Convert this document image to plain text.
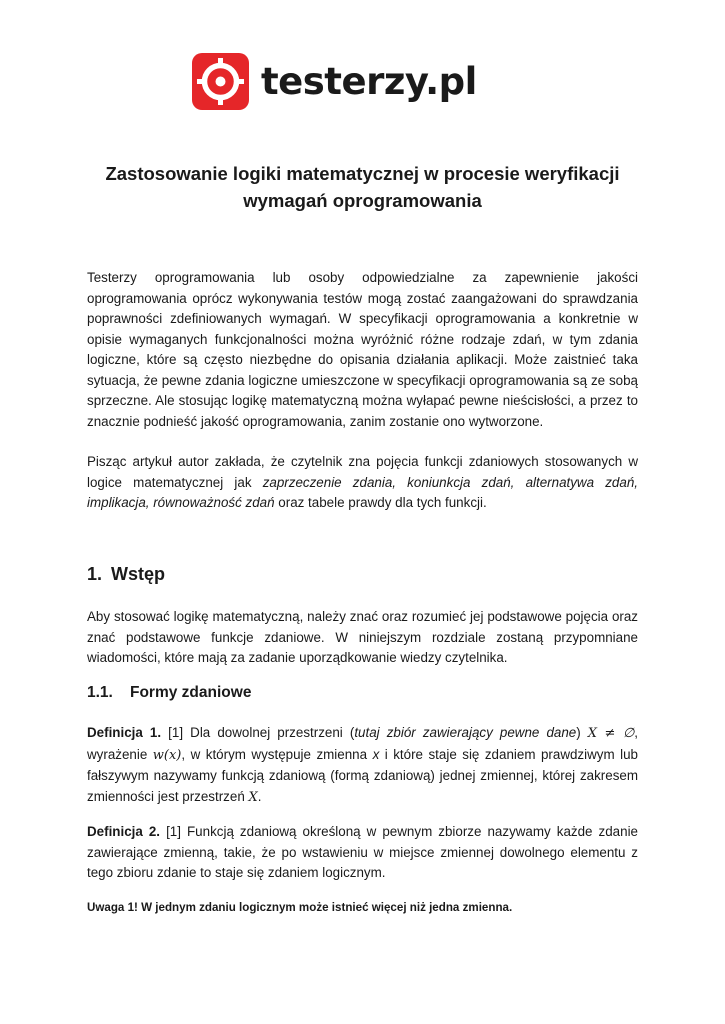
testerzy.pl
Zastosowanie logiki matematycznej w procesie weryfikacji wymagań oprogramowania

Testerzy oprogramowania lub osoby odpowiedzialne za zapewnienie jakości oprogramowania oprócz wykonywania testów mogą zostać zaangażowani do sprawdzania poprawności zdefiniowanych wymagań. W specyfikacji oprogramowania a konkretnie w opisie wymaganych funkcjonalności można wyróżnić różne rodzaje zdań, w tym zdania logiczne, które są często niezbędne do opisania działania aplikacji. Może zaistnieć taka sytuacja, że pewne zdania logiczne umieszczone w specyfikacji oprogramowania są ze sobą sprzeczne. Ale stosując logikę matematyczną można wyłapać pewne nieścisłości, a przez to znacznie podnieść jakość oprogramowania, zanim zostanie ono wytworzone.

Pisząc artykuł autor zakłada, że czytelnik zna pojęcia funkcji zdaniowych stosowanych w logice matematycznej jak zaprzeczenie zdania, koniunkcja zdań, alternatywa zdań, implikacja, równoważność zdań oraz tabele prawdy dla tych funkcji.

1. Wstęp

Aby stosować logikę matematyczną, należy znać oraz rozumieć jej podstawowe pojęcia oraz znać podstawowe funkcje zdaniowe. W niniejszym rozdziale zostaną przypomniane wiadomości, które mają za zadanie uporządkowanie wiedzy czytelnika.

1.1. Formy zdaniowe

Definicja 1. [1] Dla dowolnej przestrzeni (tutaj zbiór zawierający pewne dane) X ≠ ∅, wyrażenie w(x), w którym występuje zmienna x i które staje się zdaniem prawdziwym lub fałszywym nazywamy funkcją zdaniową (formą zdaniową) jednej zmiennej, której zakresem zmienności jest przestrzeń X.

Definicja 2. [1] Funkcją zdaniową określoną w pewnym zbiorze nazywamy każde zdanie zawierające zmienną, takie, że po wstawieniu w miejsce zmiennej dowolnego elementu z tego zbioru zdanie to staje się zdaniem logicznym.

Uwaga 1! W jednym zdaniu logicznym może istnieć więcej niż jedna zmienna.
